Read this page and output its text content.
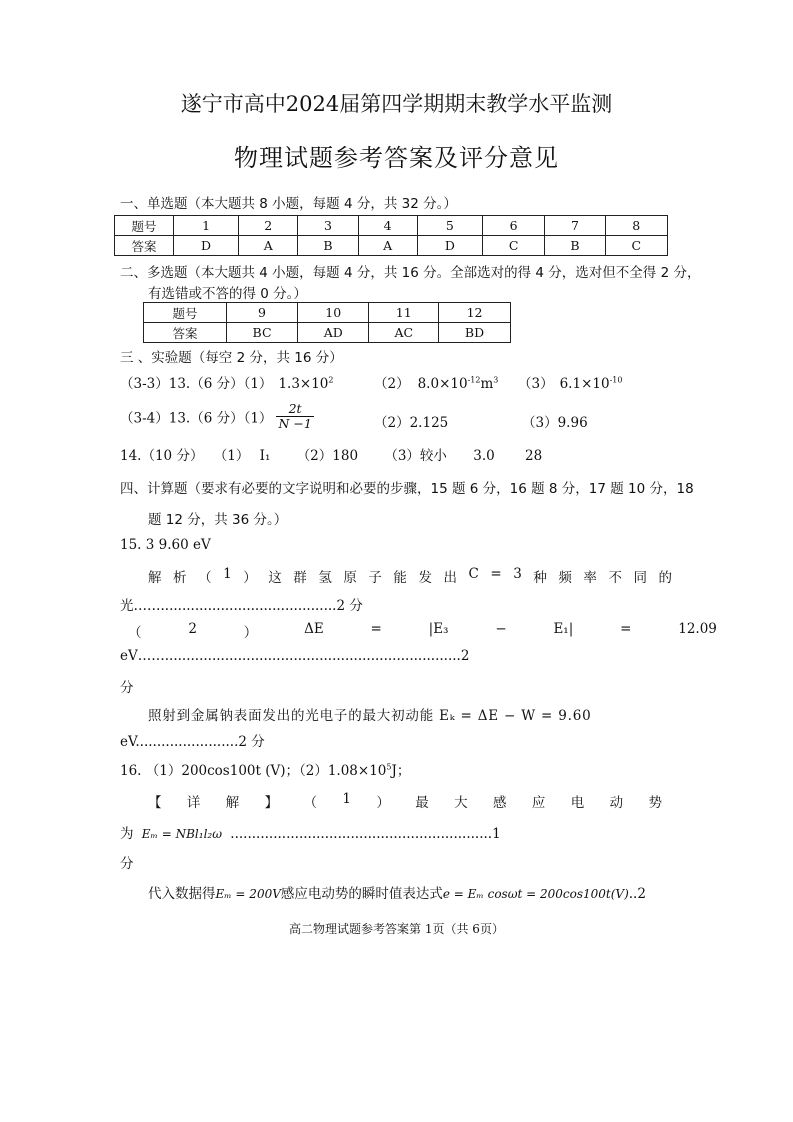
遂宁市高中2024届第四学期期末教学水平监测
物理试题参考答案及评分意见
一、单选题（本大题共 8 小题，每题 4 分，共 32 分。）
题号	1	2	3	4	5	6	7	8
答案	D	A	B	A	D	C	B	C
二、多选题（本大题共 4 小题，每题 4 分，共 16 分。全部选对的得 4 分，选对但不全得 2 分，
有选错或不答的得 0 分。）
题号	9	10	11	12
答案	BC	AD	AC	BD
三 、实验题（每空 2 分，共 16 分）
（3-3）13.（6 分）（1） $1.3\times 10^2$	（2） $8.0\times 10^{-12}m^3$ （3） $6.1\times 10^{-10}$
（3-4）13.（6 分）$(1) \frac{2t}{N -1}$	（2）2.125	（3）9.96
14.（10 分） （1） I₁ （2）180 （3）较小 3.0 28
四、计算题（要求有必要的文字说明和必要的步骤，15 题 6 分，16 题 8 分，17 题 10 分，18
题 12 分，共 36 分。）
15. 3 9.60 eV
解 析 （ 1 ） 这 群 氢 原 子 能 发 出 C = 3 种 频 率 不 同 的
光…….........................................2 分
（	2	）	ΔE	=	|E₃	−	E₁|	=	12.09
eV…….....................................................................2
分
照射到金属钠表面发出的光电子的最大初动能 Eₖ = ΔE − W = 9.60
eV........................2 分
16. （1）200cos100t (V)；$(2)1.08\times 10^5J$；
【 详 解 】 （ 1 ） 最 大 感 应 电 动 势
为 Eₘ = NBl₁l₂ω .............................................................1
分
代入数据得Eₘ = 200V感应电动势的瞬时值表达式e = Eₘ cosωt = 200cos100t(V)..2
高二物理试题参考答案第 1页（共 6页）
